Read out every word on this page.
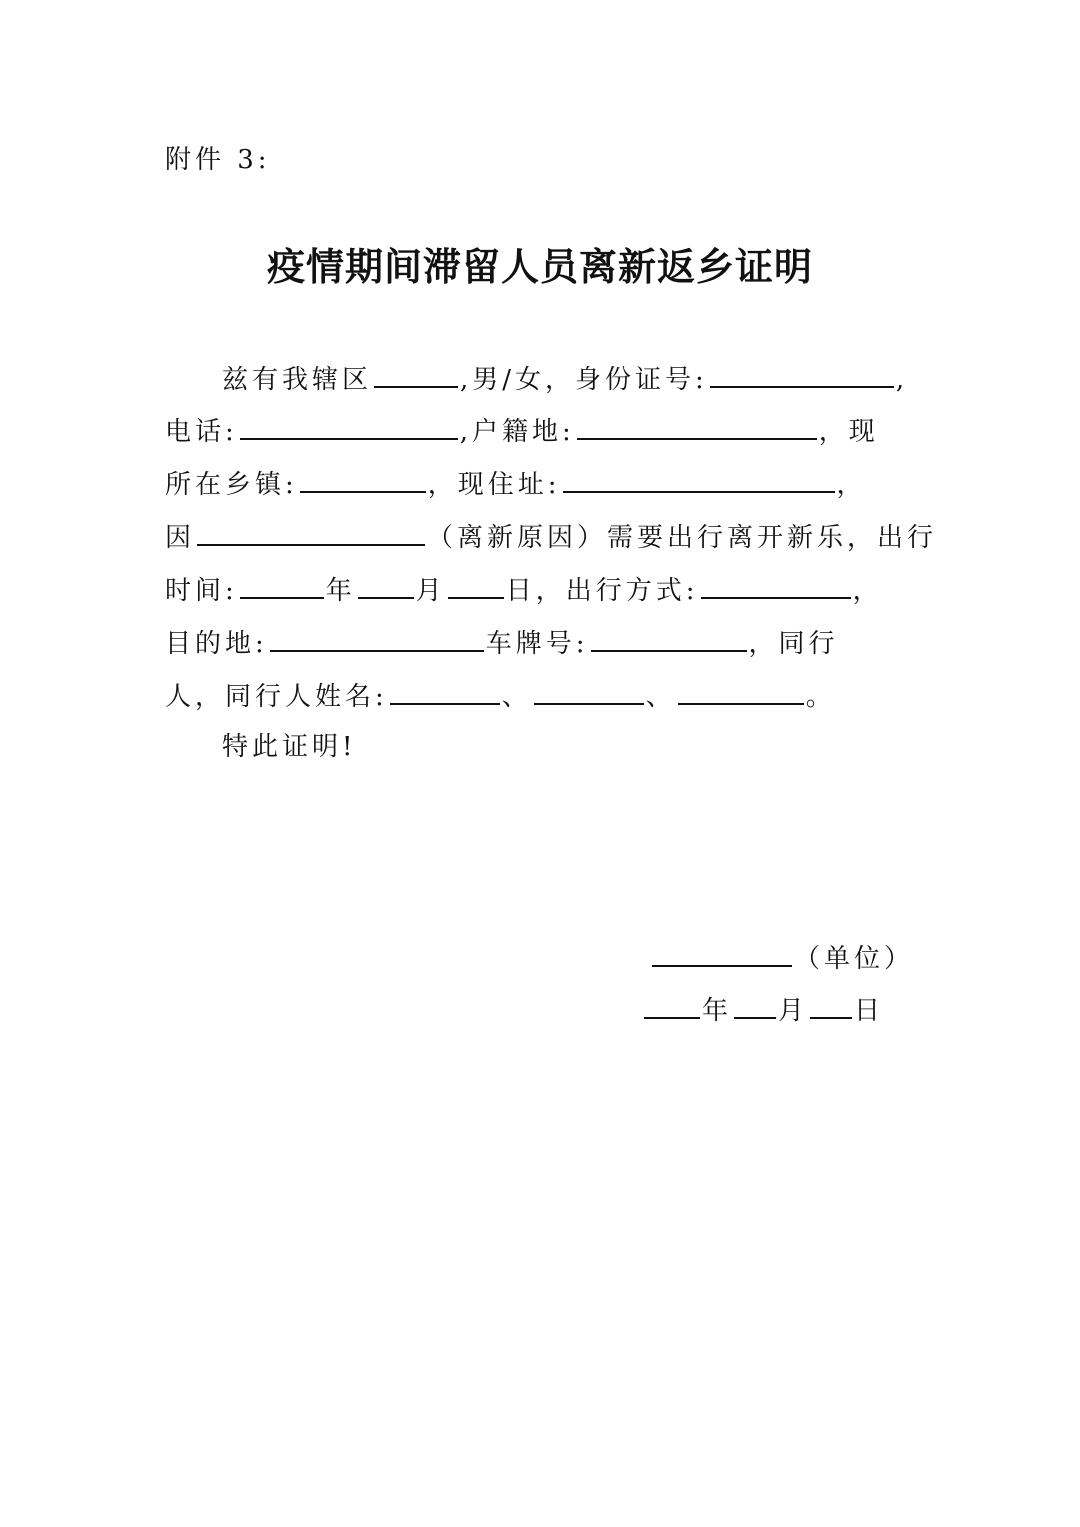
附件 3:
疫情期间滞留人员离新返乡证明
兹有我辖区	,男/女，身份证号:	,
电话:	,户籍地:	，现
所在乡镇:	，现住址:	，
因	（离新原因）需要出行离开新乐，出行
时间:	年 月 日，出行方式:	，
目的地:	车牌号:	，同行
人，同行人姓名:	、	、	。
特此证明!
（单位）
年 月 日
